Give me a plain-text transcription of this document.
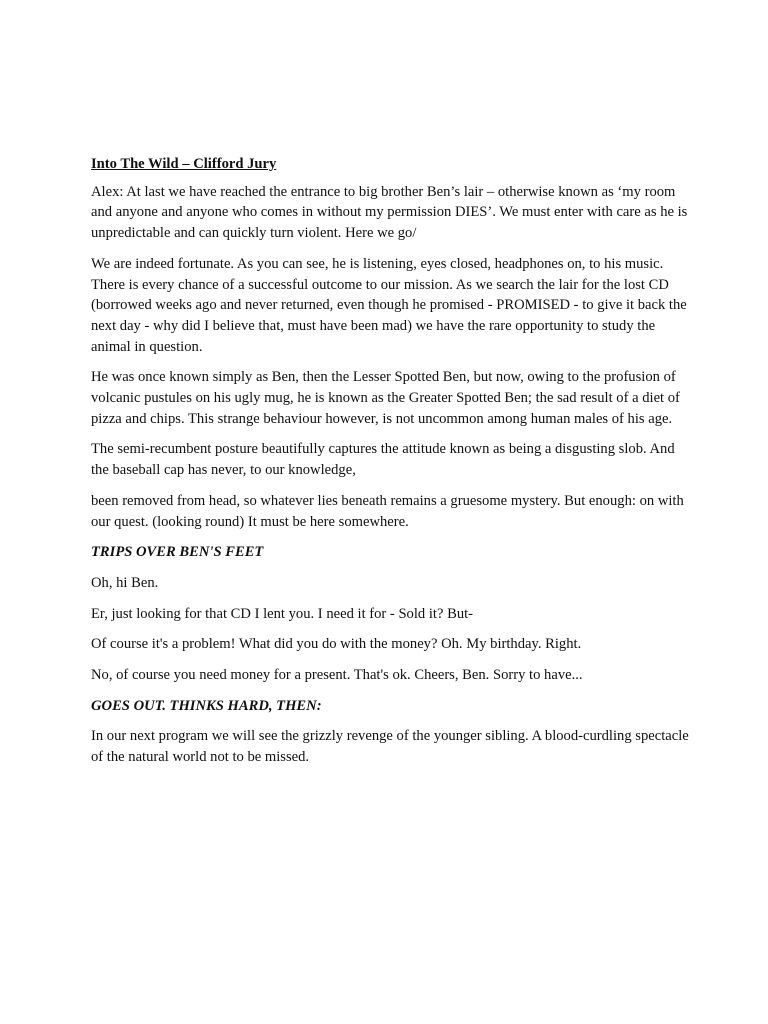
Into The Wild – Clifford Jury

Alex: At last we have reached the entrance to big brother Ben’s lair – otherwise known as ‘my room and anyone and anyone who comes in without my permission DIES’. We must enter with care as he is unpredictable and can quickly turn violent. Here we go/

We are indeed fortunate. As you can see, he is listening, eyes closed, headphones on, to his music. There is every chance of a successful outcome to our mission. As we search the lair for the lost CD (borrowed weeks ago and never returned, even though he promised - PROMISED - to give it back the next day - why did I believe that, must have been mad) we have the rare opportunity to study the animal in question.

He was once known simply as Ben, then the Lesser Spotted Ben, but now, owing to the profusion of volcanic pustules on his ugly mug, he is known as the Greater Spotted Ben; the sad result of a diet of pizza and chips. This strange behaviour however, is not uncommon among human males of his age.

The semi-recumbent posture beautifully captures the attitude known as being a disgusting slob. And the baseball cap has never, to our knowledge,

been removed from head, so whatever lies beneath remains a gruesome mystery. But enough: on with our quest. (looking round) It must be here somewhere.

TRIPS OVER BEN'S FEET

Oh, hi Ben.

Er, just looking for that CD I lent you. I need it for - Sold it? But-

Of course it's a problem! What did you do with the money? Oh. My birthday. Right.

No, of course you need money for a present. That's ok. Cheers, Ben. Sorry to have...

GOES OUT. THINKS HARD, THEN:

In our next program we will see the grizzly revenge of the younger sibling. A blood-curdling spectacle of the natural world not to be missed.
